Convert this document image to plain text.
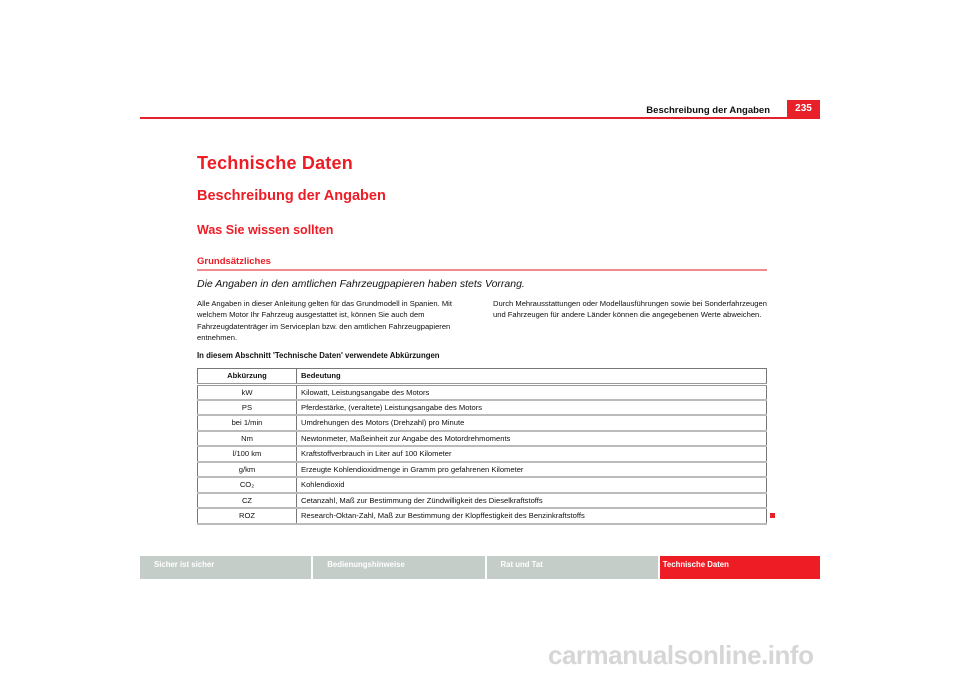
Beschreibung der Angaben	235
Technische Daten
Beschreibung der Angaben
Was Sie wissen sollten
Grundsätzliches
Die Angaben in den amtlichen Fahrzeugpapieren haben stets Vorrang.
Alle Angaben in dieser Anleitung gelten für das Grundmodell in Spanien. Mit welchem Motor Ihr Fahrzeug ausgestattet ist, können Sie auch dem Fahrzeugdatenträger im Serviceplan bzw. den amtlichen Fahrzeugpapieren entnehmen.
Durch Mehrausstattungen oder Modellausführungen sowie bei Sonderfahrzeugen und Fahrzeugen für andere Länder können die angegebenen Werte abweichen.
In diesem Abschnitt 'Technische Daten' verwendete Abkürzungen
Abkürzung	Bedeutung
kW	Kilowatt, Leistungsangabe des Motors
PS	Pferdestärke, (veraltete) Leistungsangabe des Motors
bei 1/min	Umdrehungen des Motors (Drehzahl) pro Minute
Nm	Newtonmeter, Maßeinheit zur Angabe des Motordrehmoments
l/100 km	Kraftstoffverbrauch in Liter auf 100 Kilometer
g/km	Erzeugte Kohlendioxidmenge in Gramm pro gefahrenen Kilometer
CO₂	Kohlendioxid
CZ	Cetanzahl, Maß zur Bestimmung der Zündwilligkeit des Dieselkraftstoffs
ROZ	Research-Oktan-Zahl, Maß zur Bestimmung der Klopffestigkeit des Benzinkraftstoffs
Sicher ist sicher	Bedienungshinweise	Rat und Tat	Technische Daten
carmanualsonline.info
